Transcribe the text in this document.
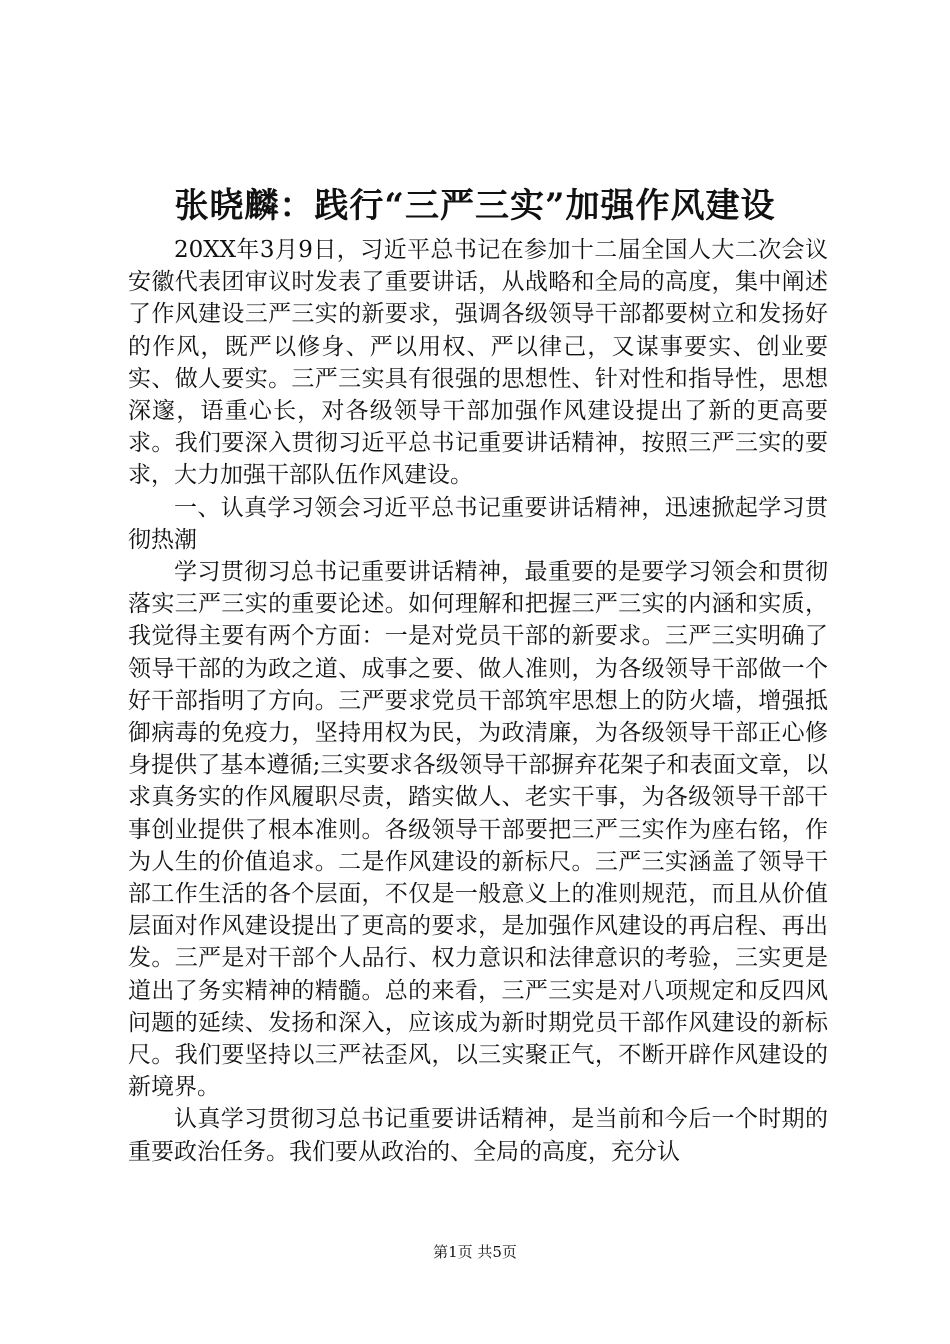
张晓麟：践行“三严三实”加强作风建设

20XX年3月9日，习近平总书记在参加十二届全国人大二次会议安徽代表团审议时发表了重要讲话，从战略和全局的高度，集中阐述了作风建设三严三实的新要求，强调各级领导干部都要树立和发扬好的作风，既严以修身、严以用权、严以律己，又谋事要实、创业要实、做人要实。三严三实具有很强的思想性、针对性和指导性，思想深邃，语重心长，对各级领导干部加强作风建设提出了新的更高要求。我们要深入贯彻习近平总书记重要讲话精神，按照三严三实的要求，大力加强干部队伍作风建设。

一、认真学习领会习近平总书记重要讲话精神，迅速掀起学习贯彻热潮

学习贯彻习总书记重要讲话精神，最重要的是要学习领会和贯彻落实三严三实的重要论述。如何理解和把握三严三实的内涵和实质，我觉得主要有两个方面：一是对党员干部的新要求。三严三实明确了领导干部的为政之道、成事之要、做人准则，为各级领导干部做一个好干部指明了方向。三严要求党员干部筑牢思想上的防火墙，增强抵御病毒的免疫力，坚持用权为民，为政清廉，为各级领导干部正心修身提供了基本遵循;三实要求各级领导干部摒弃花架子和表面文章，以求真务实的作风履职尽责，踏实做人、老实干事，为各级领导干部干事创业提供了根本准则。各级领导干部要把三严三实作为座右铭，作为人生的价值追求。二是作风建设的新标尺。三严三实涵盖了领导干部工作生活的各个层面，不仅是一般意义上的准则规范，而且从价值层面对作风建设提出了更高的要求，是加强作风建设的再启程、再出发。三严是对干部个人品行、权力意识和法律意识的考验，三实更是道出了务实精神的精髓。总的来看，三严三实是对八项规定和反四风问题的延续、发扬和深入，应该成为新时期党员干部作风建设的新标尺。我们要坚持以三严祛歪风，以三实聚正气，不断开辟作风建设的新境界。

认真学习贯彻习总书记重要讲话精神，是当前和今后一个时期的重要政治任务。我们要从政治的、全局的高度，充分认

第1页 共5页
